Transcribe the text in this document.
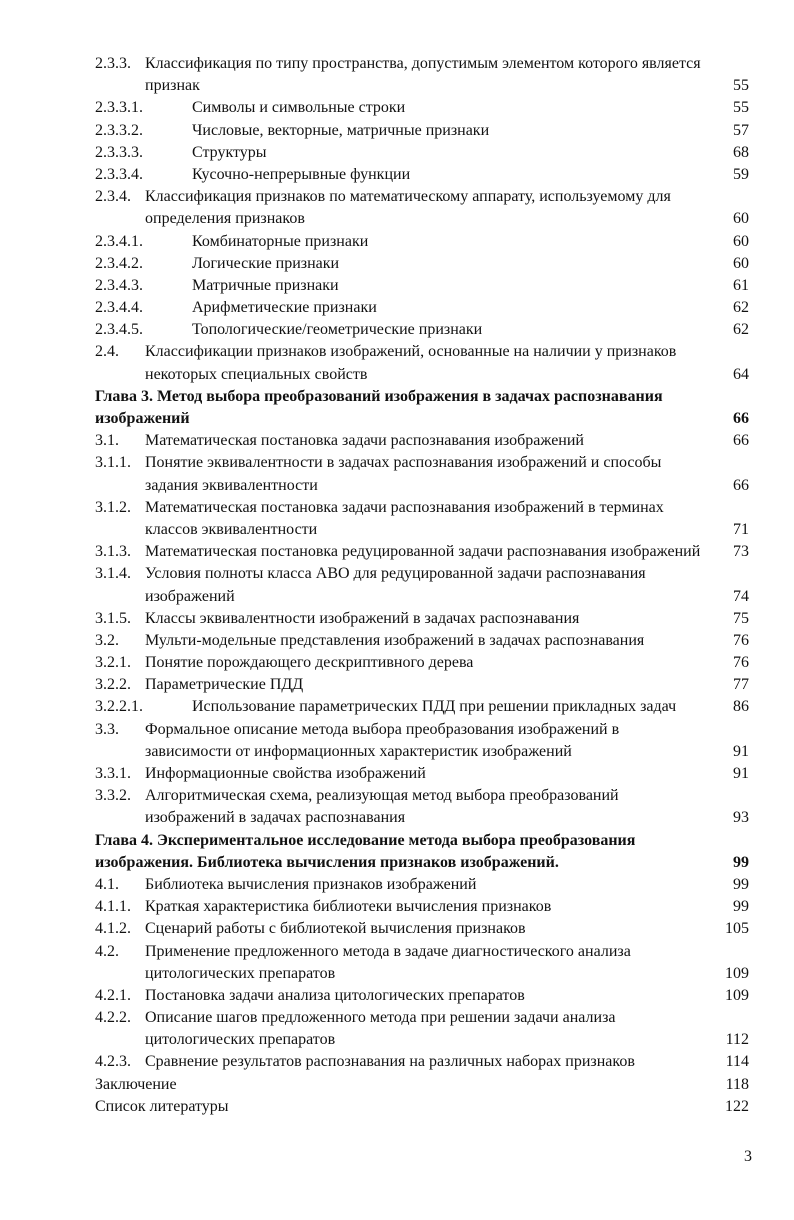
2.3.3. Классификация по типу пространства, допустимым элементом которого является
признак	55
2.3.3.1.	Символы и символьные строки	55
2.3.3.2.	Числовые, векторные, матричные признаки	57
2.3.3.3.	Структуры	68
2.3.3.4.	Кусочно-непрерывные функции	59
2.3.4. Классификация признаков по математическому аппарату, используемому для
определения признаков	60
2.3.4.1.	Комбинаторные признаки	60
2.3.4.2.	Логические признаки	60
2.3.4.3.	Матричные признаки	61
2.3.4.4.	Арифметические признаки	62
2.3.4.5.	Топологические/геометрические признаки	62
2.4. Классификации признаков изображений, основанные на наличии у признаков
некоторых специальных свойств	64
Глава 3. Метод выбора преобразований изображения в задачах распознавания
изображений	66
3.1. Математическая постановка задачи распознавания изображений	66
3.1.1. Понятие эквивалентности в задачах распознавания изображений и способы
задания эквивалентности	66
3.1.2. Математическая постановка задачи распознавания изображений в терминах
классов эквивалентности	71
3.1.3. Математическая постановка редуцированной задачи распознавания изображений 73
3.1.4. Условия полноты класса АВО для редуцированной задачи распознавания
изображений	74
3.1.5. Классы эквивалентности изображений в задачах распознавания	75
3.2. Мульти-модельные представления изображений в задачах распознавания	76
3.2.1. Понятие порождающего дескриптивного дерева	76
3.2.2. Параметрические ПДД	77
3.2.2.1.	Использование параметрических ПДД при решении прикладных задач	86
3.3. Формальное описание метода выбора преобразования изображений в
зависимости от информационных характеристик изображений	91
3.3.1. Информационные свойства изображений	91
3.3.2. Алгоритмическая схема, реализующая метод выбора преобразований
изображений в задачах распознавания	93
Глава 4. Экспериментальное исследование метода выбора преобразования
изображения. Библиотека вычисления признаков изображений.	99
4.1. Библиотека вычисления признаков изображений	99
4.1.1. Краткая характеристика библиотеки вычисления признаков	99
4.1.2. Сценарий работы с библиотекой вычисления признаков	105
4.2. Применение предложенного метода в задаче диагностического анализа
цитологических препаратов	109
4.2.1. Постановка задачи анализа цитологических препаратов	109
4.2.2. Описание шагов предложенного метода при решении задачи анализа
цитологических препаратов	112
4.2.3. Сравнение результатов распознавания на различных наборах признаков	114
Заключение	118
Список литературы	122
3
